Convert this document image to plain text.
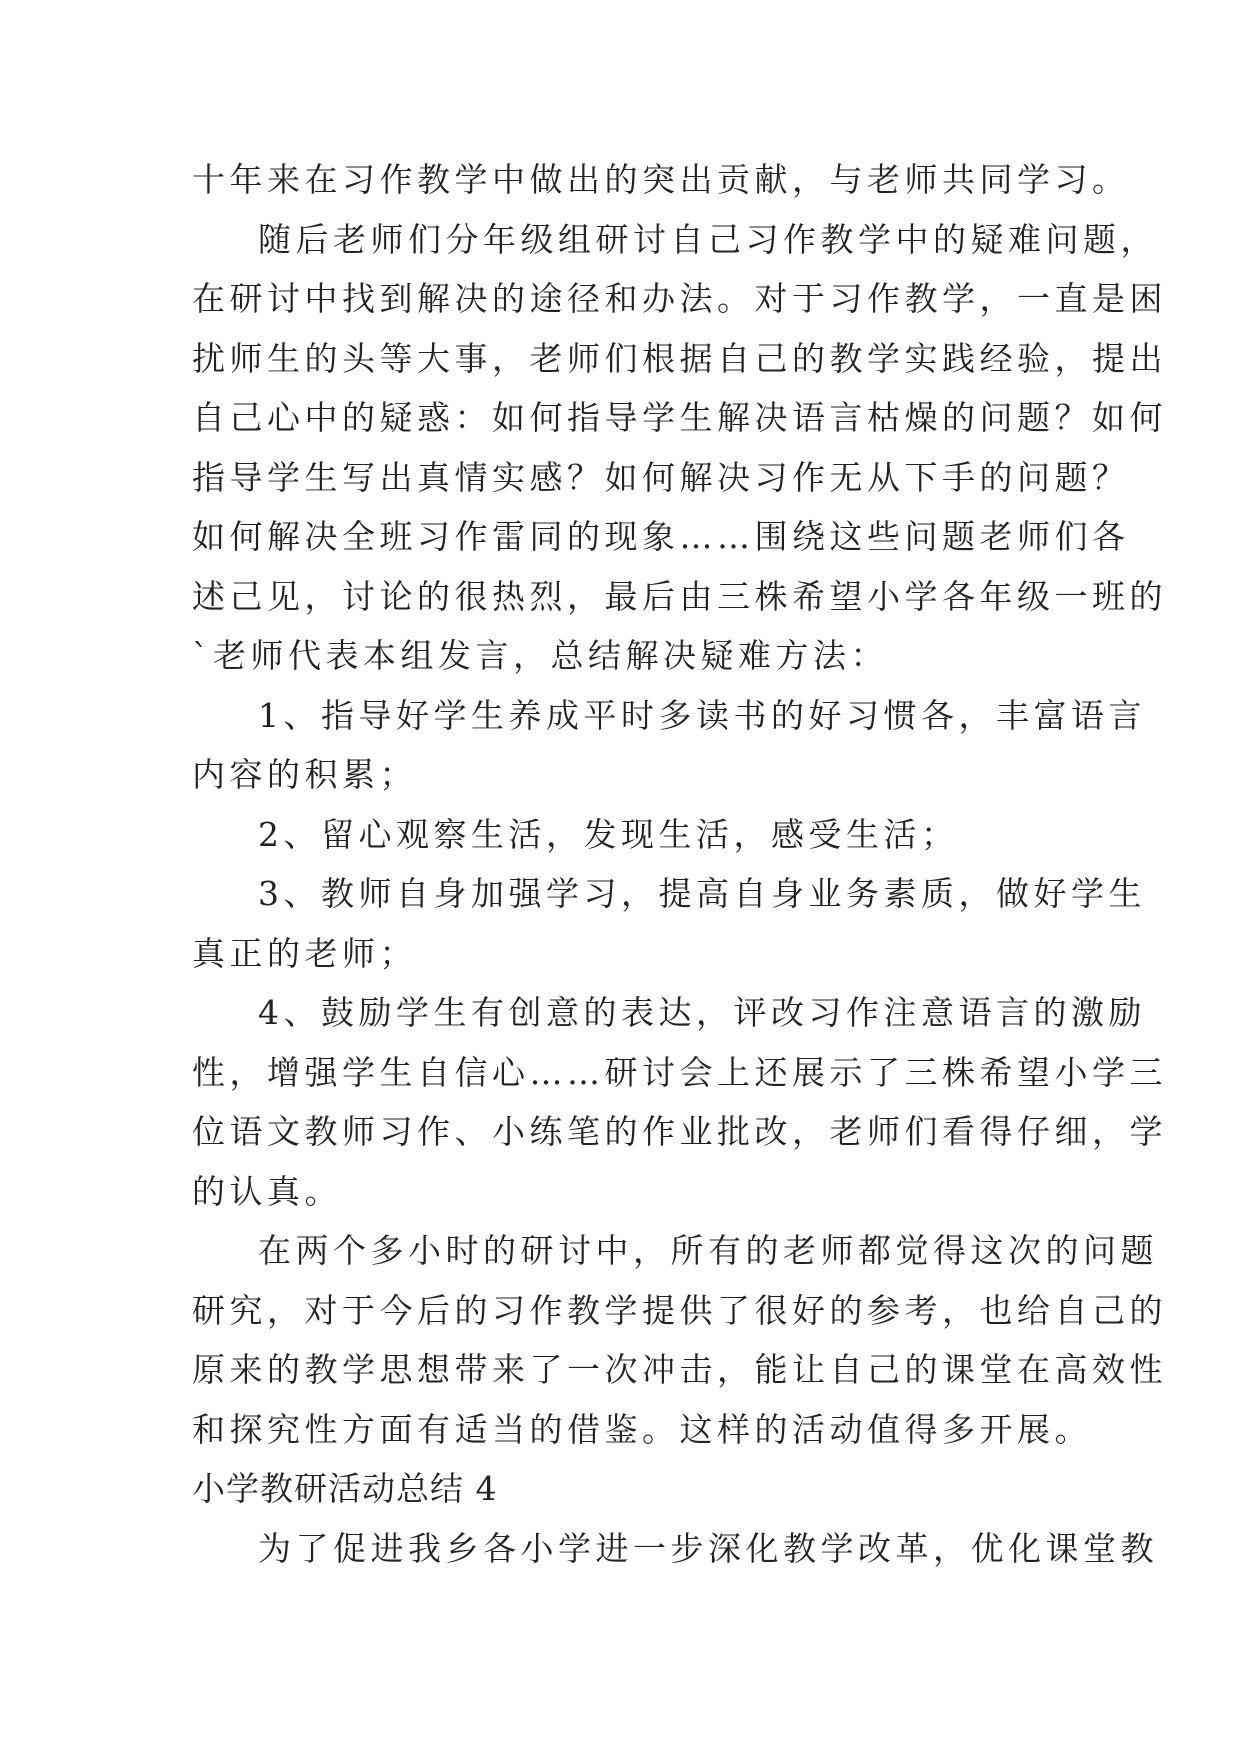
十年来在习作教学中做出的突出贡献，与老师共同学习。
随后老师们分年级组研讨自己习作教学中的疑难问题，
在研讨中找到解决的途径和办法。对于习作教学，一直是困
扰师生的头等大事，老师们根据自己的教学实践经验，提出
自己心中的疑惑：如何指导学生解决语言枯燥的问题？如何
指导学生写出真情实感？如何解决习作无从下手的问题？
如何解决全班习作雷同的现象……围绕这些问题老师们各
述己见，讨论的很热烈，最后由三株希望小学各年级一班的
`老师代表本组发言，总结解决疑难方法：
1、指导好学生养成平时多读书的好习惯各，丰富语言
内容的积累；
2、留心观察生活，发现生活，感受生活；
3、教师自身加强学习，提高自身业务素质，做好学生
真正的老师；
4、鼓励学生有创意的表达，评改习作注意语言的激励
性，增强学生自信心……研讨会上还展示了三株希望小学三
位语文教师习作、小练笔的作业批改，老师们看得仔细，学
的认真。
在两个多小时的研讨中，所有的老师都觉得这次的问题
研究，对于今后的习作教学提供了很好的参考，也给自己的
原来的教学思想带来了一次冲击，能让自己的课堂在高效性
和探究性方面有适当的借鉴。这样的活动值得多开展。
小学教研活动总结 4
为了促进我乡各小学进一步深化教学改革，优化课堂教
